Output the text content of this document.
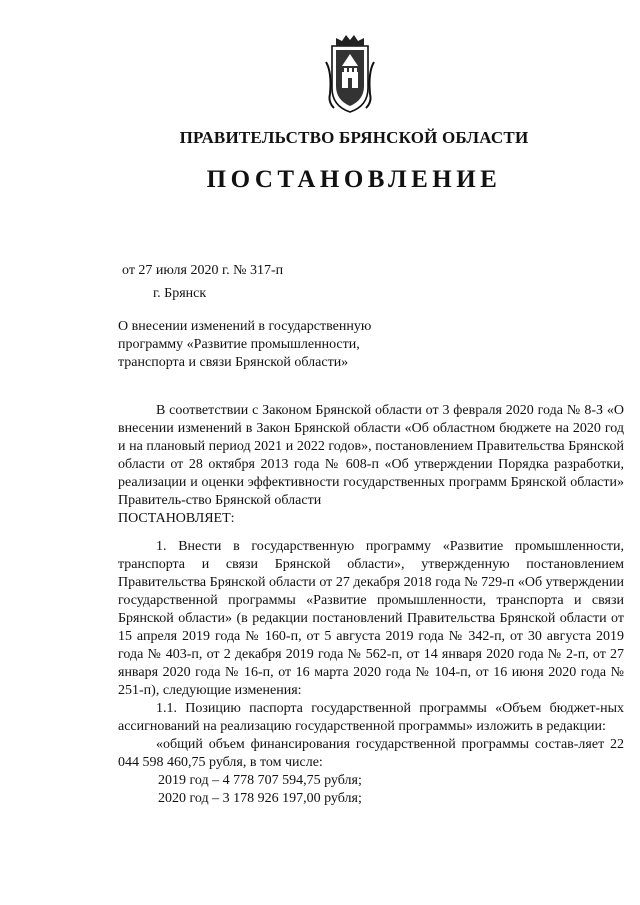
ПРАВИТЕЛЬСТВО БРЯНСКОЙ ОБЛАСТИ
ПОСТАНОВЛЕНИЕ
от 27 июля 2020 г. № 317-п
г. Брянск
О внесении изменений в государственную
программу «Развитие промышленности,
транспорта и связи Брянской области»

В соответствии с Законом Брянской области от 3 февраля 2020 года № 8-З «О внесении изменений в Закон Брянской области «Об областном бюджете на 2020 год и на плановый период 2021 и 2022 годов», постановлением Правительства Брянской области от 28 октября 2013 года № 608-п «Об утверждении Порядка разработки, реализации и оценки эффективности государственных программ Брянской области» Правитель-ство Брянской области

ПОСТАНОВЛЯЕТ:

1. Внести в государственную программу «Развитие промышленности, транспорта и связи Брянской области», утвержденную постановлением Правительства Брянской области от 27 декабря 2018 года № 729-п «Об утверждении государственной программы «Развитие промышленности, транспорта и связи Брянской области» (в редакции постановлений Правительства Брянской области от 15 апреля 2019 года № 160-п, от 5 августа 2019 года № 342-п, от 30 августа 2019 года № 403-п, от 2 декабря 2019 года № 562-п, от 14 января 2020 года № 2-п, от 27 января 2020 года № 16-п, от 16 марта 2020 года № 104-п, от 16 июня 2020 года № 251-п), следующие изменения:

1.1. Позицию паспорта государственной программы «Объем бюджет-ных ассигнований на реализацию государственной программы» изложить в редакции:

«общий объем финансирования государственной программы состав-ляет 22 044 598 460,75 рубля, в том числе:

2019 год – 4 778 707 594,75 рубля;

2020 год – 3 178 926 197,00 рубля;
